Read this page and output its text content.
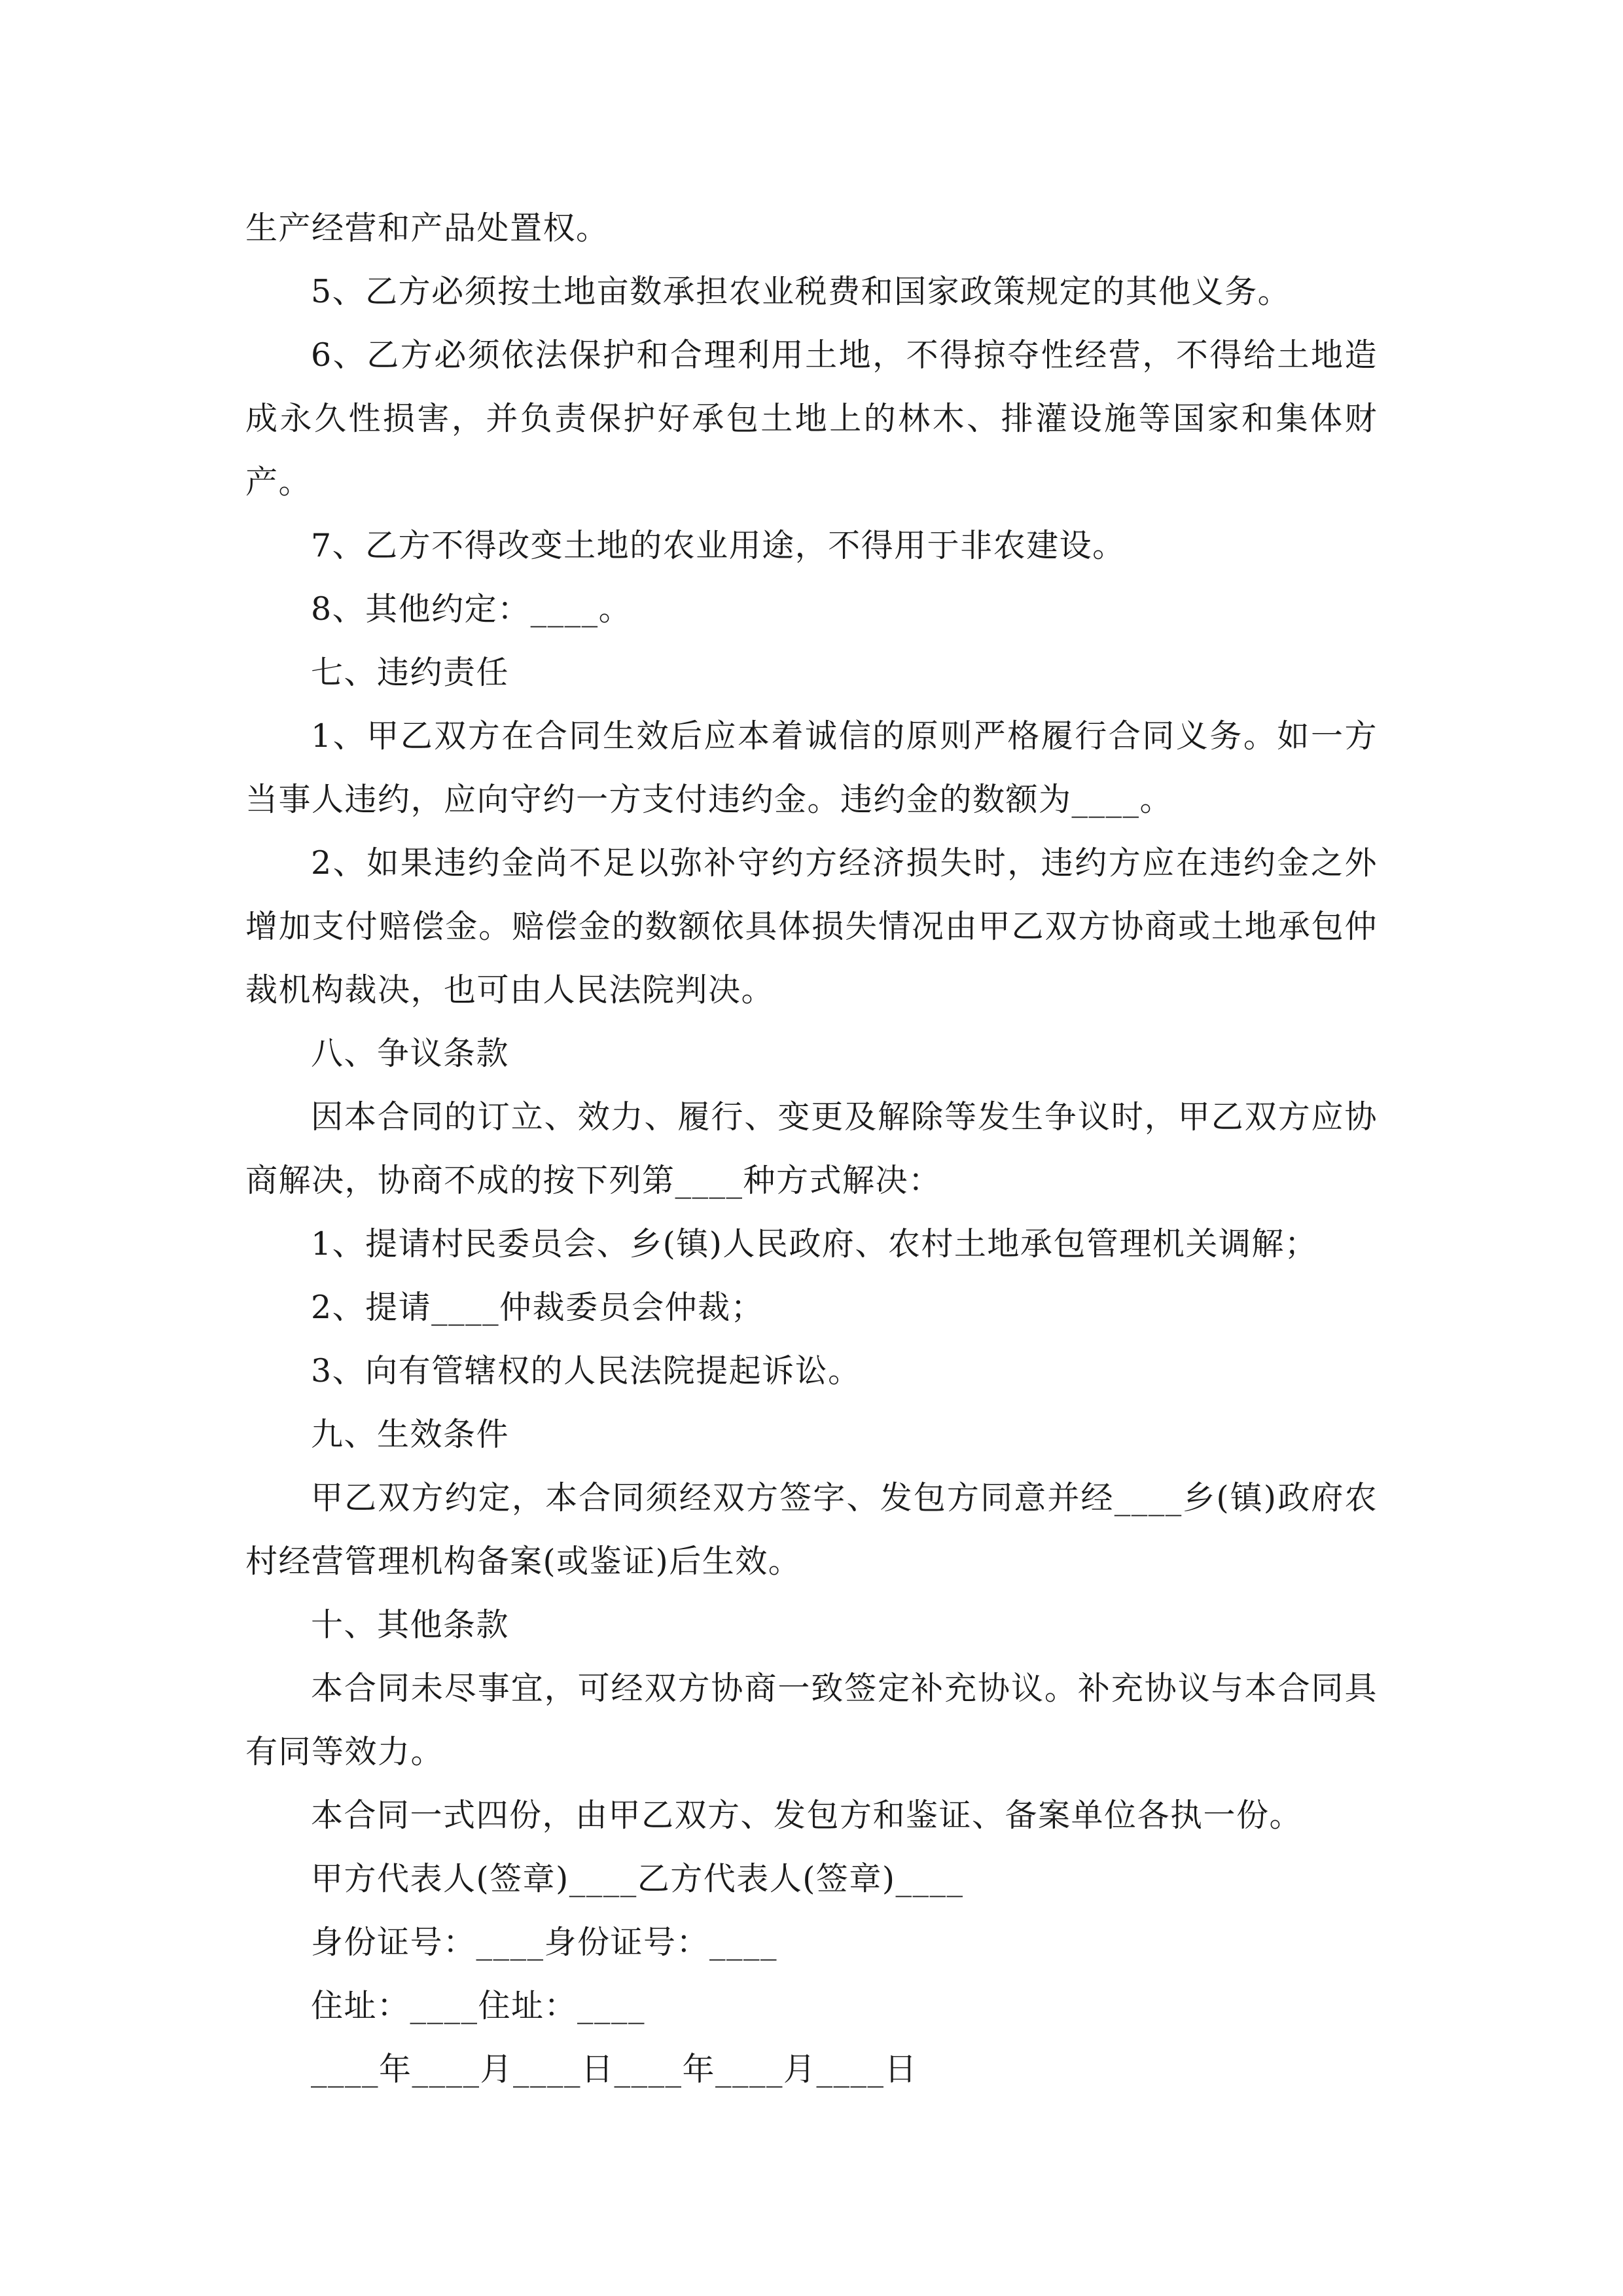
生产经营和产品处置权。

5、乙方必须按土地亩数承担农业税费和国家政策规定的其他义务。

6、乙方必须依法保护和合理利用土地，不得掠夺性经营，不得给土地造成永久性损害，并负责保护好承包土地上的林木、排灌设施等国家和集体财产。

7、乙方不得改变土地的农业用途，不得用于非农建设。

8、其他约定：____。

七、违约责任

1、甲乙双方在合同生效后应本着诚信的原则严格履行合同义务。如一方当事人违约，应向守约一方支付违约金。违约金的数额为____。

2、如果违约金尚不足以弥补守约方经济损失时，违约方应在违约金之外增加支付赔偿金。赔偿金的数额依具体损失情况由甲乙双方协商或土地承包仲裁机构裁决，也可由人民法院判决。

八、争议条款

因本合同的订立、效力、履行、变更及解除等发生争议时，甲乙双方应协商解决，协商不成的按下列第____种方式解决：

1、提请村民委员会、乡(镇)人民政府、农村土地承包管理机关调解；

2、提请____仲裁委员会仲裁；

3、向有管辖权的人民法院提起诉讼。

九、生效条件

甲乙双方约定，本合同须经双方签字、发包方同意并经____乡(镇)政府农村经营管理机构备案(或鉴证)后生效。

十、其他条款

本合同未尽事宜，可经双方协商一致签定补充协议。补充协议与本合同具有同等效力。

本合同一式四份，由甲乙双方、发包方和鉴证、备案单位各执一份。

甲方代表人(签章)____乙方代表人(签章)____

身份证号：____身份证号：____

住址：____住址：____

____年____月____日____年____月____日
